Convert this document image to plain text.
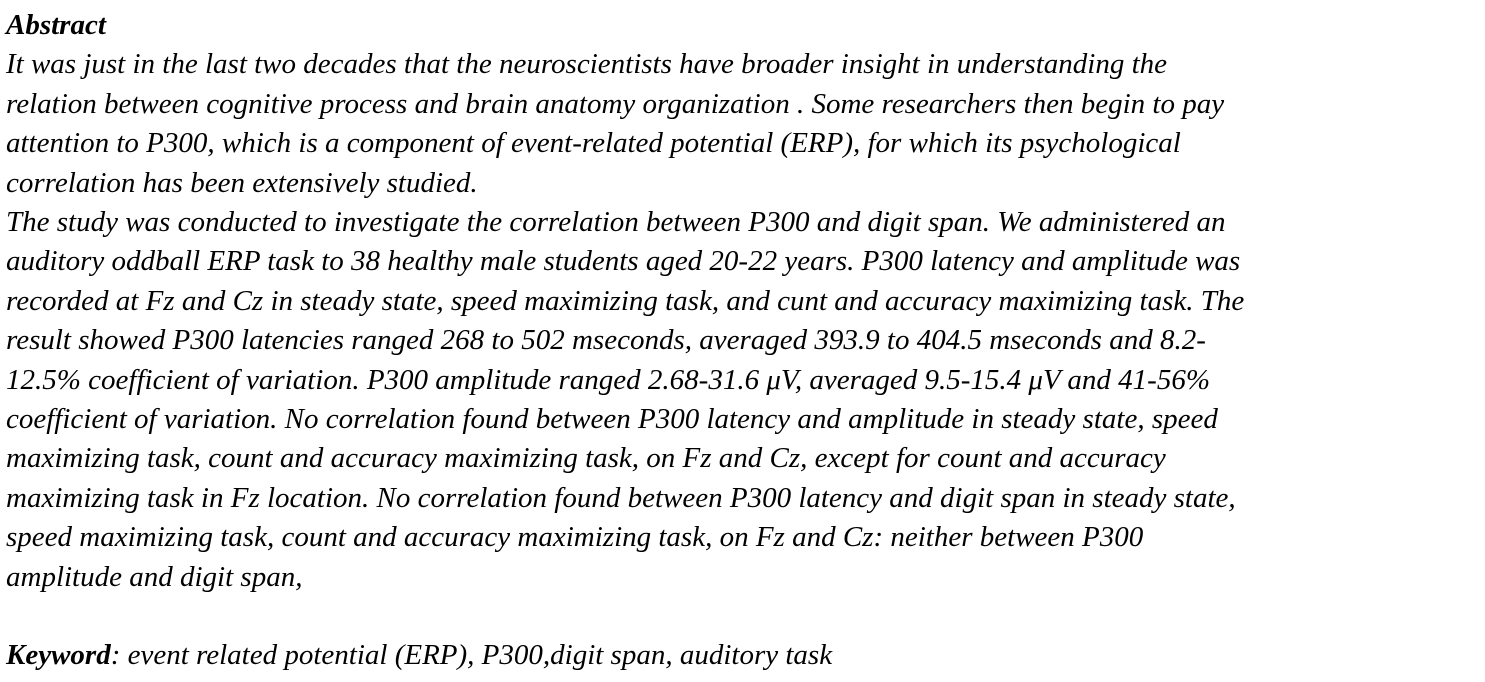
Abstract
It was just in the last two decades that the neuroscientists have broader insight in understanding the
relation between cognitive process and brain anatomy organization . Some researchers then begin to pay
attention to P300, which is a component of event-related potential (ERP), for which its psychological
correlation has been extensively studied.
The study was conducted to investigate the correlation between P300 and digit span. We administered an
auditory oddball ERP task to 38 healthy male students aged 20-22 years. P300 latency and amplitude was
recorded at Fz and Cz in steady state, speed maximizing task, and cunt and accuracy maximizing task. The
result showed P300 latencies ranged 268 to 502 mseconds, averaged 393.9 to 404.5 mseconds and 8.2-
12.5% coefficient of variation. P300 amplitude ranged 2.68-31.6 μV, averaged 9.5-15.4 μV and 41-56%
coefficient of variation. No correlation found between P300 latency and amplitude in steady state, speed
maximizing task, count and accuracy maximizing task, on Fz and Cz, except for count and accuracy
maximizing task in Fz location. No correlation found between P300 latency and digit span in steady state,
speed maximizing task, count and accuracy maximizing task, on Fz and Cz: neither between P300
amplitude and digit span,
Keyword: event related potential (ERP), P300,digit span, auditory task
